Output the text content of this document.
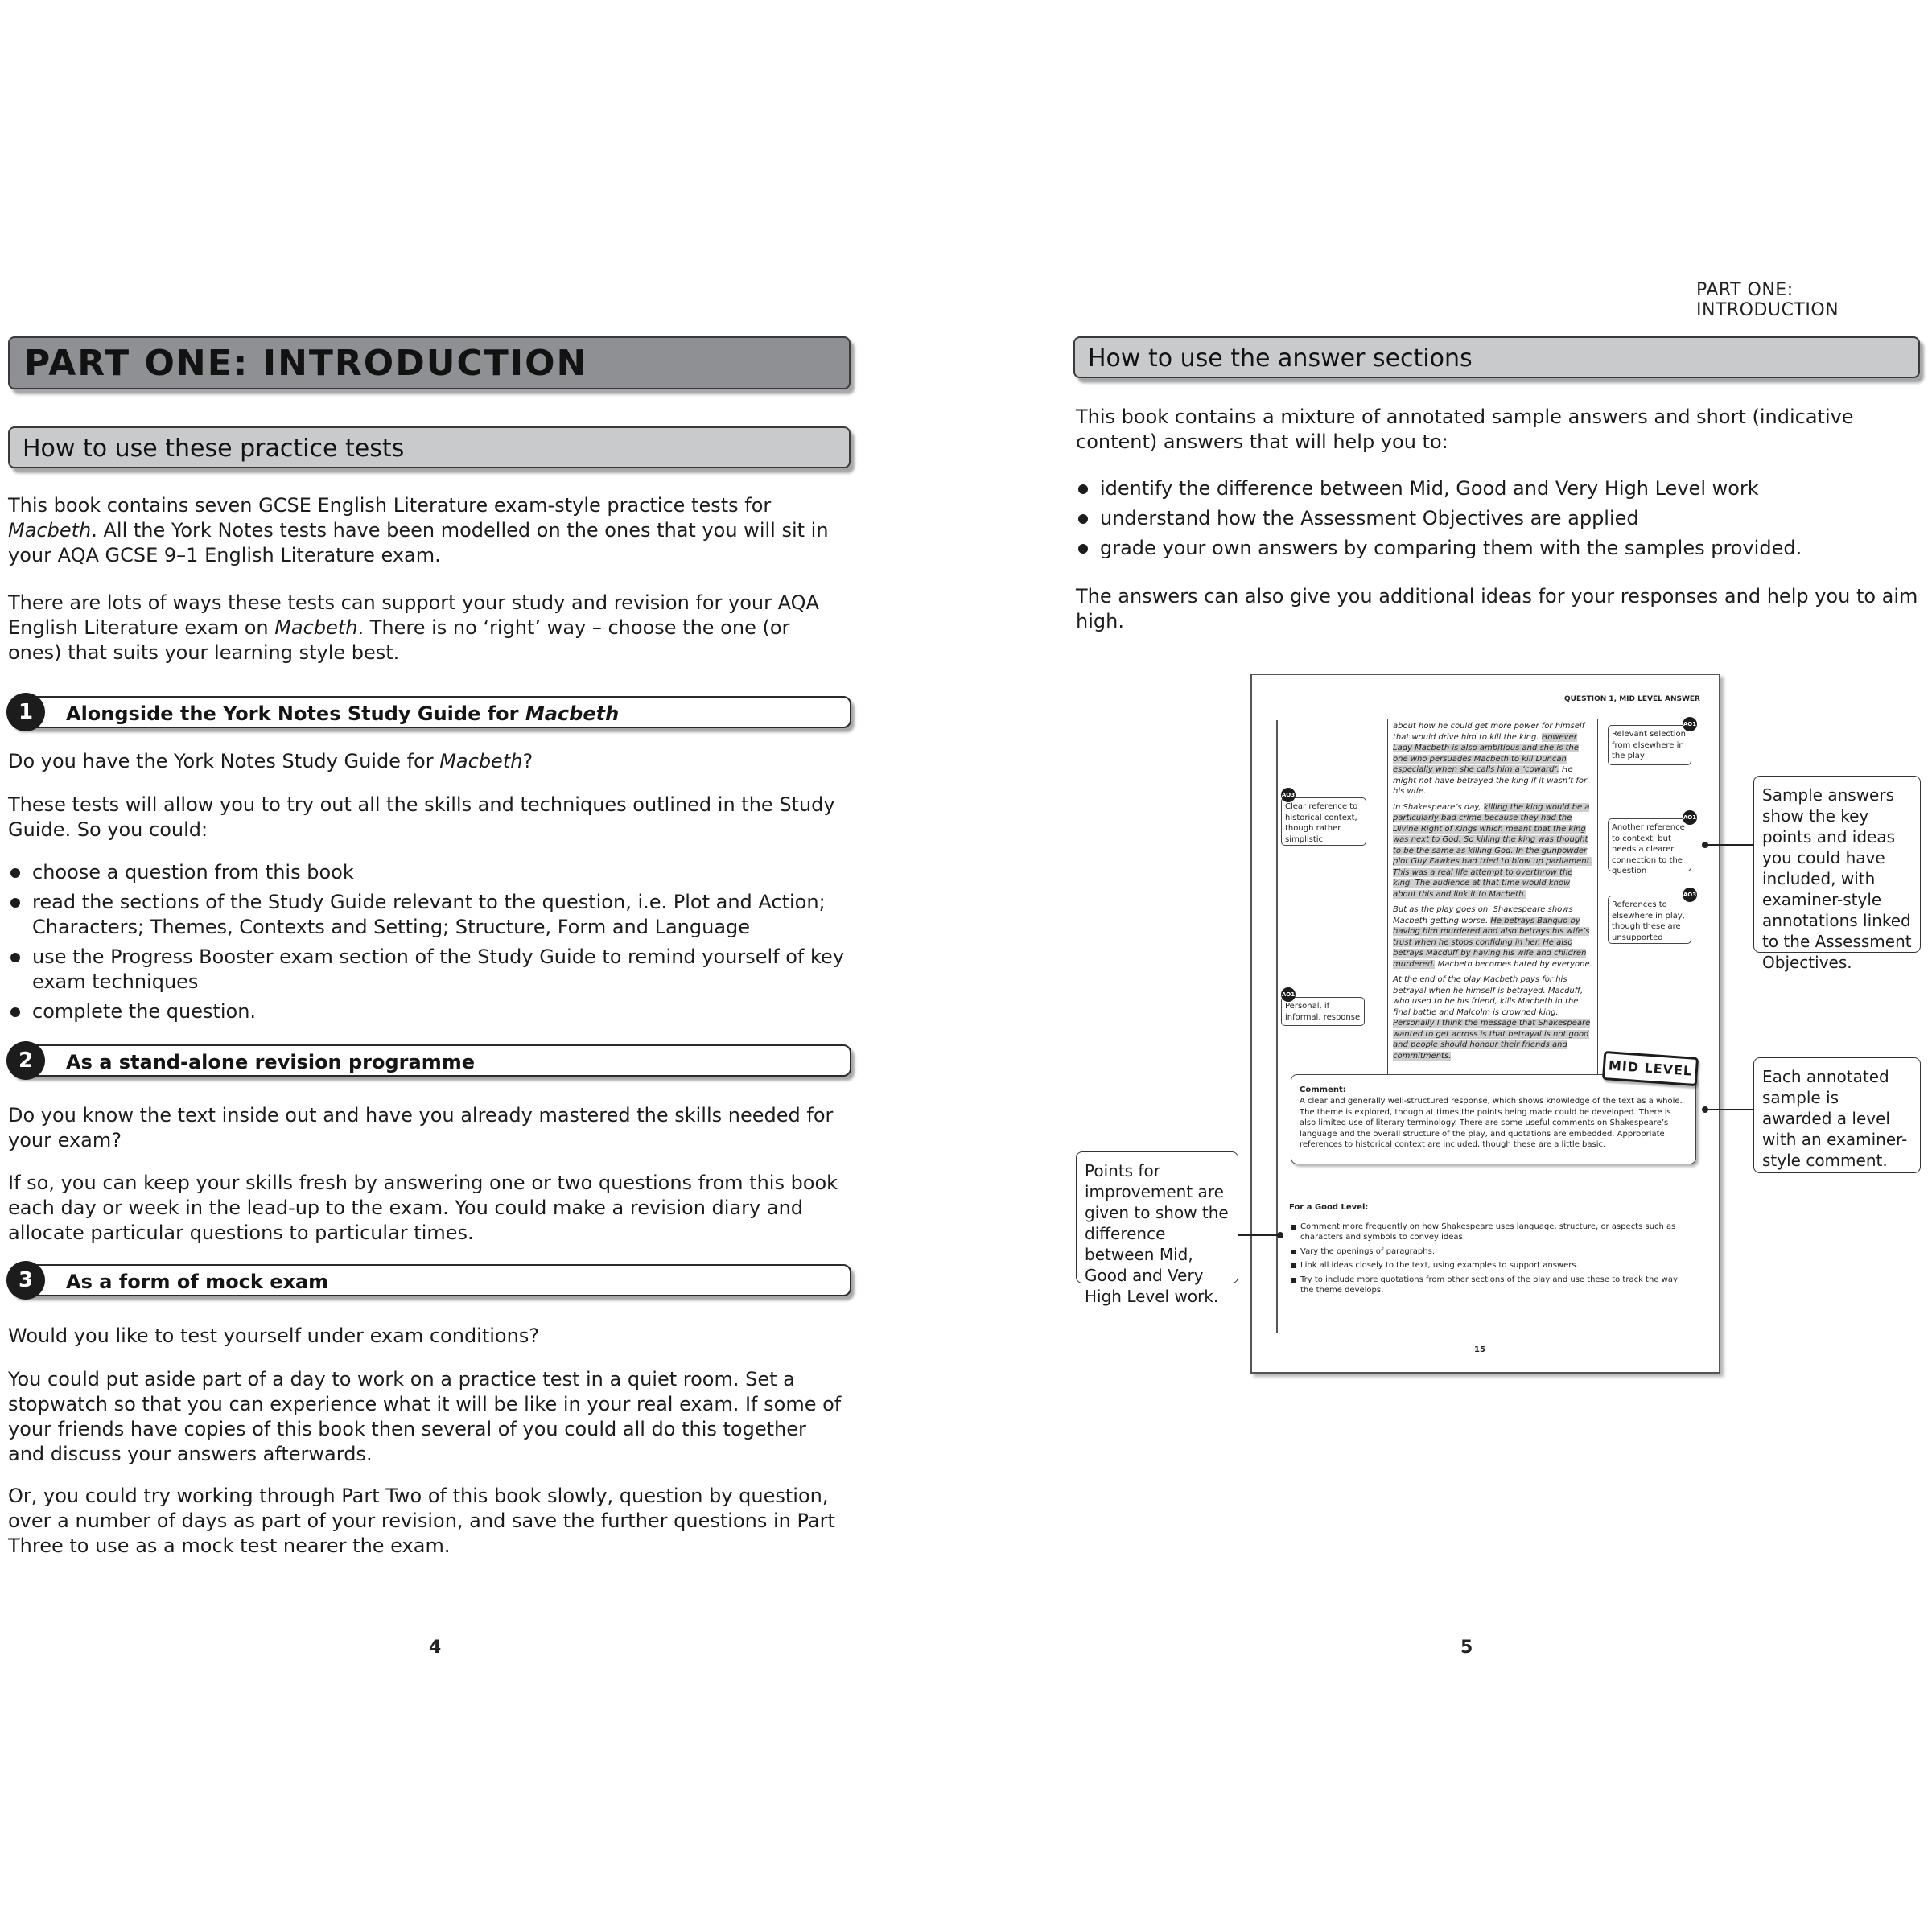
PART ONE: INTRODUCTION
How to use these practice tests
This book contains seven GCSE English Literature exam-style practice tests for Macbeth. All the York Notes tests have been modelled on the ones that you will sit in your AQA GCSE 9–1 English Literature exam.
There are lots of ways these tests can support your study and revision for your AQA English Literature exam on Macbeth. There is no ‘right’ way – choose the one (or ones) that suits your learning style best.
Alongside the York Notes Study Guide for Macbeth
1
Do you have the York Notes Study Guide for Macbeth?
These tests will allow you to try out all the skills and techniques outlined in the Study Guide. So you could:
choose a question from this book
read the sections of the Study Guide relevant to the question, i.e. Plot and Action; Characters; Themes, Contexts and Setting; Structure, Form and Language
use the Progress Booster exam section of the Study Guide to remind yourself of key exam techniques
complete the question.
As a stand-alone revision programme
2
Do you know the text inside out and have you already mastered the skills needed for your exam?
If so, you can keep your skills fresh by answering one or two questions from this book each day or week in the lead-up to the exam. You could make a revision diary and allocate particular questions to particular times.
As a form of mock exam
3
Would you like to test yourself under exam conditions?
You could put aside part of a day to work on a practice test in a quiet room. Set a stopwatch so that you can experience what it will be like in your real exam. If some of your friends have copies of this book then several of you could all do this together and discuss your answers afterwards.
Or, you could try working through Part Two of this book slowly, question by question, over a number of days as part of your revision, and save the further questions in Part Three to use as a mock test nearer the exam.
4
PART ONE: INTRODUCTION
How to use the answer sections
This book contains a mixture of annotated sample answers and short (indicative content) answers that will help you to:
identify the difference between Mid, Good and Very High Level work
understand how the Assessment Objectives are applied
grade your own answers by comparing them with the samples provided.
The answers can also give you additional ideas for your responses and help you to aim high.
QUESTION 1, MID LEVEL ANSWER
about how he could get more power for himself that would drive him to kill the king. However Lady Macbeth is also ambitious and she is the one who persuades Macbeth to kill Duncan especially when she calls him a ‘coward’. He might not have betrayed the king if it wasn’t for his wife.
In Shakespeare’s day, killing the king would be a particularly bad crime because they had the Divine Right of Kings which meant that the king was next to God. So killing the king was thought to be the same as killing God. In the gunpowder plot Guy Fawkes had tried to blow up parliament. This was a real life attempt to overthrow the king. The audience at that time would know about this and link it to Macbeth.
But as the play goes on, Shakespeare shows Macbeth getting worse. He betrays Banquo by having him murdered and also betrays his wife’s trust when he stops confiding in her. He also betrays Macduff by having his wife and children murdered. Macbeth becomes hated by everyone.
At the end of the play Macbeth pays for his betrayal when he himself is betrayed. Macduff, who used to be his friend, kills Macbeth in the final battle and Malcolm is crowned king. Personally I think the message that Shakespeare wanted to get across is that betrayal is not good and people should honour their friends and commitments.
Relevant selection from elsewhere in the play
AO1
Clear reference to historical context, though rather simplistic
AO3
Another reference to context, but needs a clearer connection to the question
AO1
References to elsewhere in play, though these are unsupported
AO3
Personal, if informal, response
AO1
Comment:
A clear and generally well-structured response, which shows knowledge of the text as a whole. The theme is explored, though at times the points being made could be developed. There is also limited use of literary terminology. There are some useful comments on Shakespeare’s language and the overall structure of the play, and quotations are embedded. Appropriate references to historical context are included, though these are a little basic.
MID LEVEL
For a Good Level:
Comment more frequently on how Shakespeare uses language, structure, or aspects such as characters and symbols to convey ideas.
Vary the openings of paragraphs.
Link all ideas closely to the text, using examples to support answers.
Try to include more quotations from other sections of the play and use these to track the way the theme develops.
15
Sample answers show the key points and ideas you could have included, with examiner-style annotations linked to the Assessment Objectives.
Each annotated sample is awarded a level with an examiner-style comment.
Points for improvement are given to show the difference between Mid, Good and Very High Level work.
5
